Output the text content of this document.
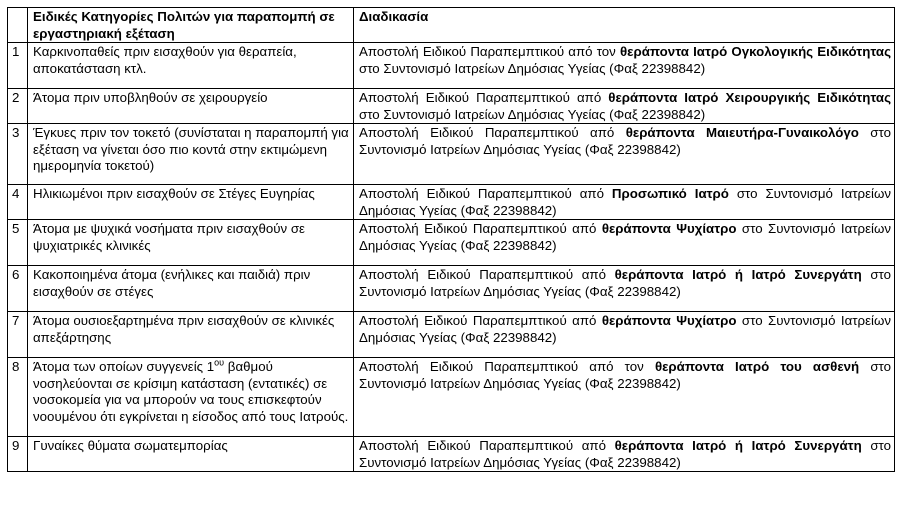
	Ειδικές Κατηγορίες Πολιτών για παραπομπή σε εργαστηριακή εξέταση	Διαδικασία
1	Καρκινοπαθείς πριν εισαχθούν για θεραπεία, αποκατάσταση κτλ.	Αποστολή Ειδικού Παραπεμπτικού από τον θεράποντα Ιατρό Ογκολογικής Ειδικότητας στο Συντονισμό Ιατρείων Δημόσιας Υγείας (Φαξ 22398842)
2	Άτομα πριν υποβληθούν σε χειρουργείο	Αποστολή Ειδικού Παραπεμπτικού από θεράποντα Ιατρό Χειρουργικής Ειδικότητας στο Συντονισμό Ιατρείων Δημόσιας Υγείας (Φαξ 22398842)
3	Έγκυες πριν τον τοκετό (συνίσταται η παραπομπή για εξέταση να γίνεται όσο πιο κοντά στην εκτιμώμενη ημερομηνία τοκετού)	Αποστολή Ειδικού Παραπεμπτικού από θεράποντα Μαιευτήρα-Γυναικολόγο στο Συντονισμό Ιατρείων Δημόσιας Υγείας (Φαξ 22398842)
4	Ηλικιωμένοι πριν εισαχθούν σε Στέγες Ευγηρίας	Αποστολή Ειδικού Παραπεμπτικού από Προσωπικό Ιατρό στο Συντονισμό Ιατρείων Δημόσιας Υγείας (Φαξ 22398842)
5	Άτομα με ψυχικά νοσήματα πριν εισαχθούν σε ψυχιατρικές κλινικές	Αποστολή Ειδικού Παραπεμπτικού από θεράποντα Ψυχίατρο στο Συντονισμό Ιατρείων Δημόσιας Υγείας (Φαξ 22398842)
6	Κακοποιημένα άτομα (ενήλικες και παιδιά) πριν εισαχθούν σε στέγες	Αποστολή Ειδικού Παραπεμπτικού από θεράποντα Ιατρό ή Ιατρό Συνεργάτη στο Συντονισμό Ιατρείων Δημόσιας Υγείας (Φαξ 22398842)
7	Άτομα ουσιοεξαρτημένα πριν εισαχθούν σε κλινικές απεξάρτησης	Αποστολή Ειδικού Παραπεμπτικού από θεράποντα Ψυχίατρο στο Συντονισμό Ιατρείων Δημόσιας Υγείας (Φαξ 22398842)
8	Άτομα των οποίων συγγενείς $1^{o\upsilon}$ βαθμού νοσηλεύονται σε κρίσιμη κατάσταση (εντατικές) σε νοσοκομεία για να μπορούν να τους επισκεφτούν νοουμένου ότι εγκρίνεται η είσοδος από τους Ιατρούς.	Αποστολή Ειδικού Παραπεμπτικού από τον θεράποντα Ιατρό του ασθενή στο Συντονισμό Ιατρείων Δημόσιας Υγείας (Φαξ 22398842)
9	Γυναίκες θύματα σωματεμπορίας	Αποστολή Ειδικού Παραπεμπτικού από θεράποντα Ιατρό ή Ιατρό Συνεργάτη στο Συντονισμό Ιατρείων Δημόσιας Υγείας (Φαξ 22398842)
